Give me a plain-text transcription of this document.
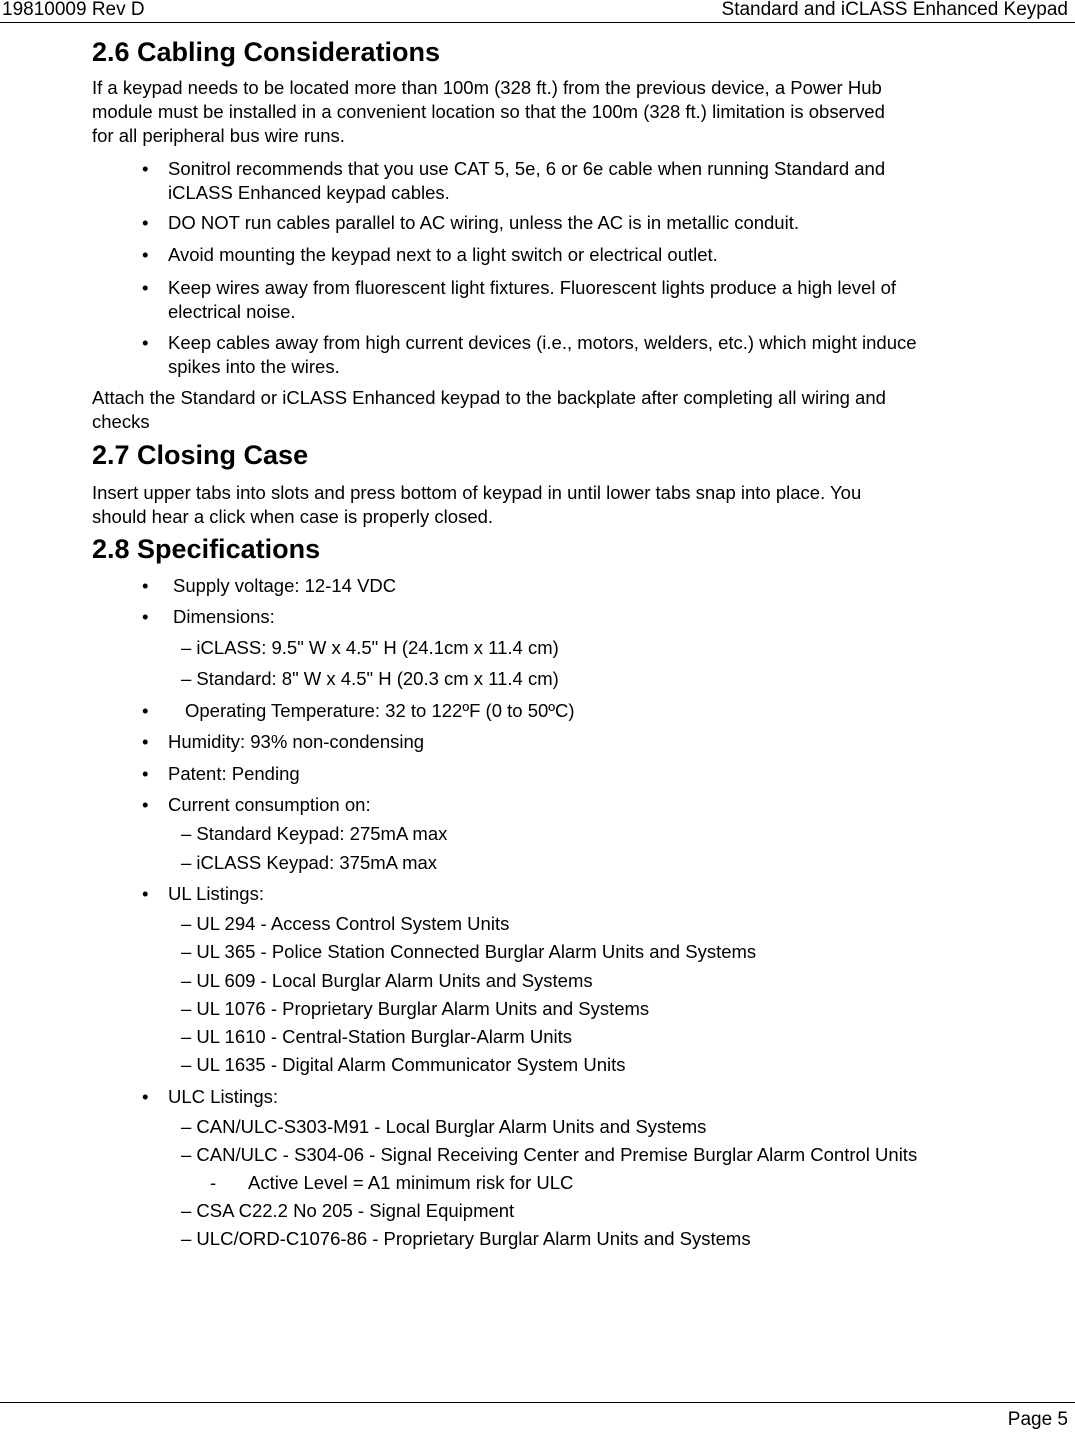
19810009 Rev D	Standard and iCLASS Enhanced Keypad
2.6 Cabling Considerations

If a keypad needs to be located more than 100m (328 ft.) from the previous device, a Power Hub

module must be installed in a convenient location so that the 100m (328 ft.) limitation is observed

for all peripheral bus wire runs.

• Sonitrol recommends that you use CAT 5, 5e, 6 or 6e cable when running Standard and
iCLASS Enhanced keypad cables.
• DO NOT run cables parallel to AC wiring, unless the AC is in metallic conduit.
• Avoid mounting the keypad next to a light switch or electrical outlet.
• Keep wires away from fluorescent light fixtures. Fluorescent lights produce a high level of
electrical noise.
• Keep cables away from high current devices (i.e., motors, welders, etc.) which might induce
spikes into the wires.

Attach the Standard or iCLASS Enhanced keypad to the backplate after completing all wiring and

checks

2.7 Closing Case

Insert upper tabs into slots and press bottom of keypad in until lower tabs snap into place. You

should hear a click when case is properly closed.

2.8 Specifications
• Supply voltage: 12-14 VDC
• Dimensions:
– iCLASS: 9.5" W x 4.5" H (24.1cm x 11.4 cm)
– Standard: 8" W x 4.5" H (20.3 cm x 11.4 cm)
• Operating Temperature: 32 to 122ºF (0 to 50ºC)
• Humidity: 93% non-condensing
• Patent: Pending
• Current consumption on:
– Standard Keypad: 275mA max
– iCLASS Keypad: 375mA max
• UL Listings:
– UL 294 - Access Control System Units
– UL 365 - Police Station Connected Burglar Alarm Units and Systems
– UL 609 - Local Burglar Alarm Units and Systems
– UL 1076 - Proprietary Burglar Alarm Units and Systems
– UL 1610 - Central-Station Burglar-Alarm Units
– UL 1635 - Digital Alarm Communicator System Units
• ULC Listings:
– CAN/ULC-S303-M91 - Local Burglar Alarm Units and Systems
– CAN/ULC - S304-06 - Signal Receiving Center and Premise Burglar Alarm Control Units
- Active Level = A1 minimum risk for ULC
– CSA C22.2 No 205 - Signal Equipment
– ULC/ORD-C1076-86 - Proprietary Burglar Alarm Units and Systems
Page 5
